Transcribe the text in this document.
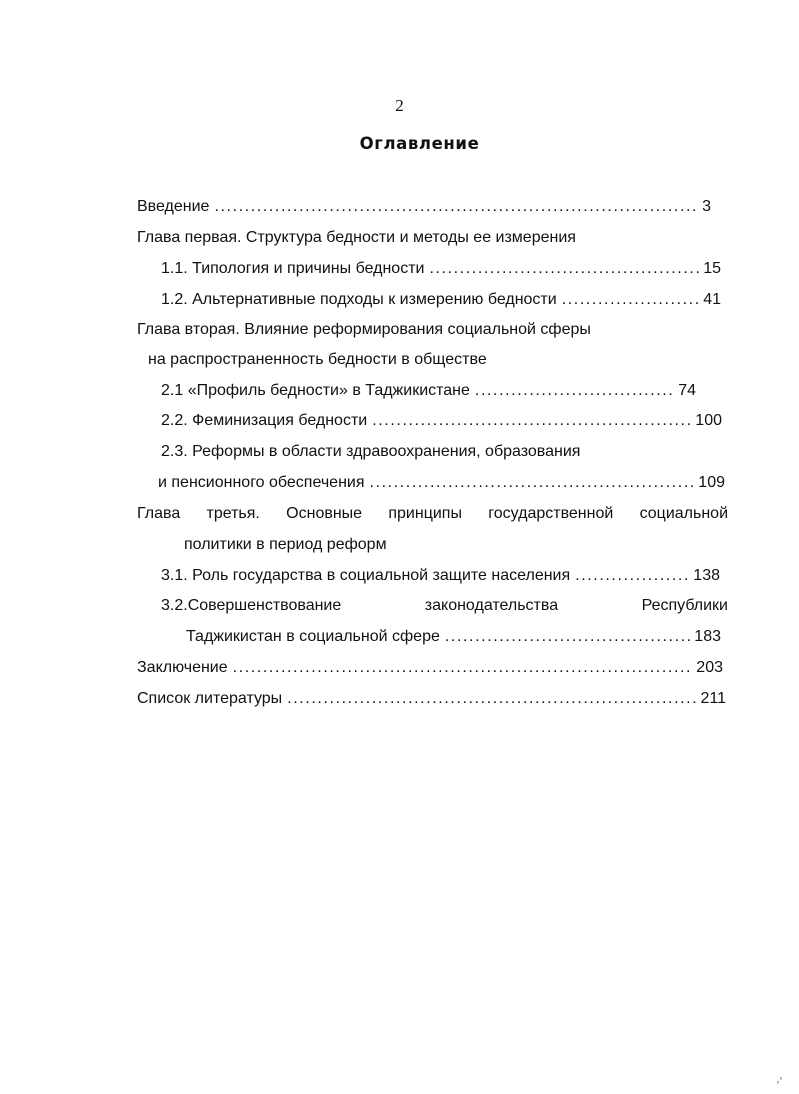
2
Оглавление
Введение .....	3
Глава первая. Структура бедности и методы ее измерения
1.1. Типология и причины бедности .....	15
1.2. Альтернативные подходы к измерению бедности .....	41
Глава вторая. Влияние реформирования социальной сферы
на распространенность бедности в обществе
2.1 «Профиль бедности» в Таджикистане .....	74
2.2. Феминизация бедности .....	100
2.3. Реформы в области здравоохранения, образования
и пенсионного обеспечения .....	109
Глава третья. Основные принципы государственной социальной
политики в период реформ
3.1. Роль государства в социальной защите населения .....	138
3.2.Совершенствование	законодательства	Республики
Таджикистан в социальной сфере .....	183
Заключение .....	203
Список литературы .....	211
ᵣ'
